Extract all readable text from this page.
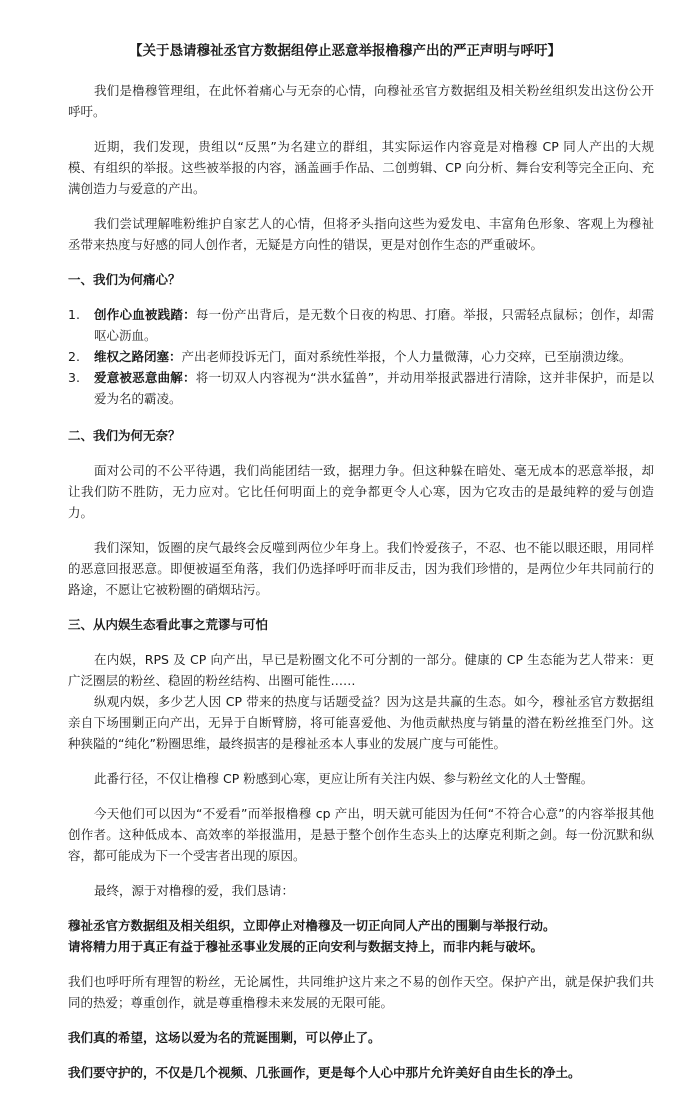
【关于恳请穆祉丞官方数据组停止恶意举报橹穆产出的严正声明与呼吁】

我们是橹穆管理组，在此怀着痛心与无奈的心情，向穆祉丞官方数据组及相关粉丝组织发出这份公开呼吁。

近期，我们发现，贵组以“反黑”为名建立的群组，其实际运作内容竟是对橹穆 CP 同人产出的大规模、有组织的举报。这些被举报的内容，涵盖画手作品、二创剪辑、CP 向分析、舞台安利等完全正向、充满创造力与爱意的产出。

我们尝试理解唯粉维护自家艺人的心情，但将矛头指向这些为爱发电、丰富角色形象、客观上为穆祉丞带来热度与好感的同人创作者，无疑是方向性的错误，更是对创作生态的严重破坏。

一、我们为何痛心？
1. 创作心血被践踏：每一份产出背后，是无数个日夜的构思、打磨。举报，只需轻点鼠标；创作，却需呕心沥血。
2. 维权之路闭塞：产出老师投诉无门，面对系统性举报，个人力量微薄，心力交瘁，已至崩溃边缘。
3. 爱意被恶意曲解：将一切双人内容视为“洪水猛兽”，并动用举报武器进行清除，这并非保护，而是以爱为名的霸凌。
二、我们为何无奈？

面对公司的不公平待遇，我们尚能团结一致，据理力争。但这种躲在暗处、毫无成本的恶意举报，却让我们防不胜防，无力应对。它比任何明面上的竞争都更令人心寒，因为它攻击的是最纯粹的爱与创造力。

我们深知，饭圈的戾气最终会反噬到两位少年身上。我们怜爱孩子，不忍、也不能以眼还眼，用同样的恶意回报恶意。即便被逼至角落，我们仍选择呼吁而非反击，因为我们珍惜的，是两位少年共同前行的路途，不愿让它被粉圈的硝烟玷污。

三、从内娱生态看此事之荒谬与可怕

在内娱，RPS 及 CP 向产出，早已是粉圈文化不可分割的一部分。健康的 CP 生态能为艺人带来：更广泛圈层的粉丝、稳固的粉丝结构、出圈可能性……

纵观内娱，多少艺人因 CP 带来的热度与话题受益？因为这是共赢的生态。如今，穆祉丞官方数据组亲自下场围剿正向产出，无异于自断臂膀，将可能喜爱他、为他贡献热度与销量的潜在粉丝推至门外。这种狭隘的“纯化”粉圈思维，最终损害的是穆祉丞本人事业的发展广度与可能性。

此番行径，不仅让橹穆 CP 粉感到心寒，更应让所有关注内娱、参与粉丝文化的人士警醒。

今天他们可以因为“不爱看”而举报橹穆 cp 产出，明天就可能因为任何“不符合心意”的内容举报其他创作者。这种低成本、高效率的举报滥用，是悬于整个创作生态头上的达摩克利斯之剑。每一份沉默和纵容，都可能成为下一个受害者出现的原因。

最终，源于对橹穆的爱，我们恳请：

穆祉丞官方数据组及相关组织，立即停止对橹穆及一切正向同人产出的围剿与举报行动。

请将精力用于真正有益于穆祉丞事业发展的正向安利与数据支持上，而非内耗与破坏。

我们也呼吁所有理智的粉丝，无论属性，共同维护这片来之不易的创作天空。保护产出，就是保护我们共同的热爱；尊重创作，就是尊重橹穆未来发展的无限可能。

我们真的希望，这场以爱为名的荒诞围剿，可以停止了。

我们要守护的，不仅是几个视频、几张画作，更是每个人心中那片允许美好自由生长的净土。
